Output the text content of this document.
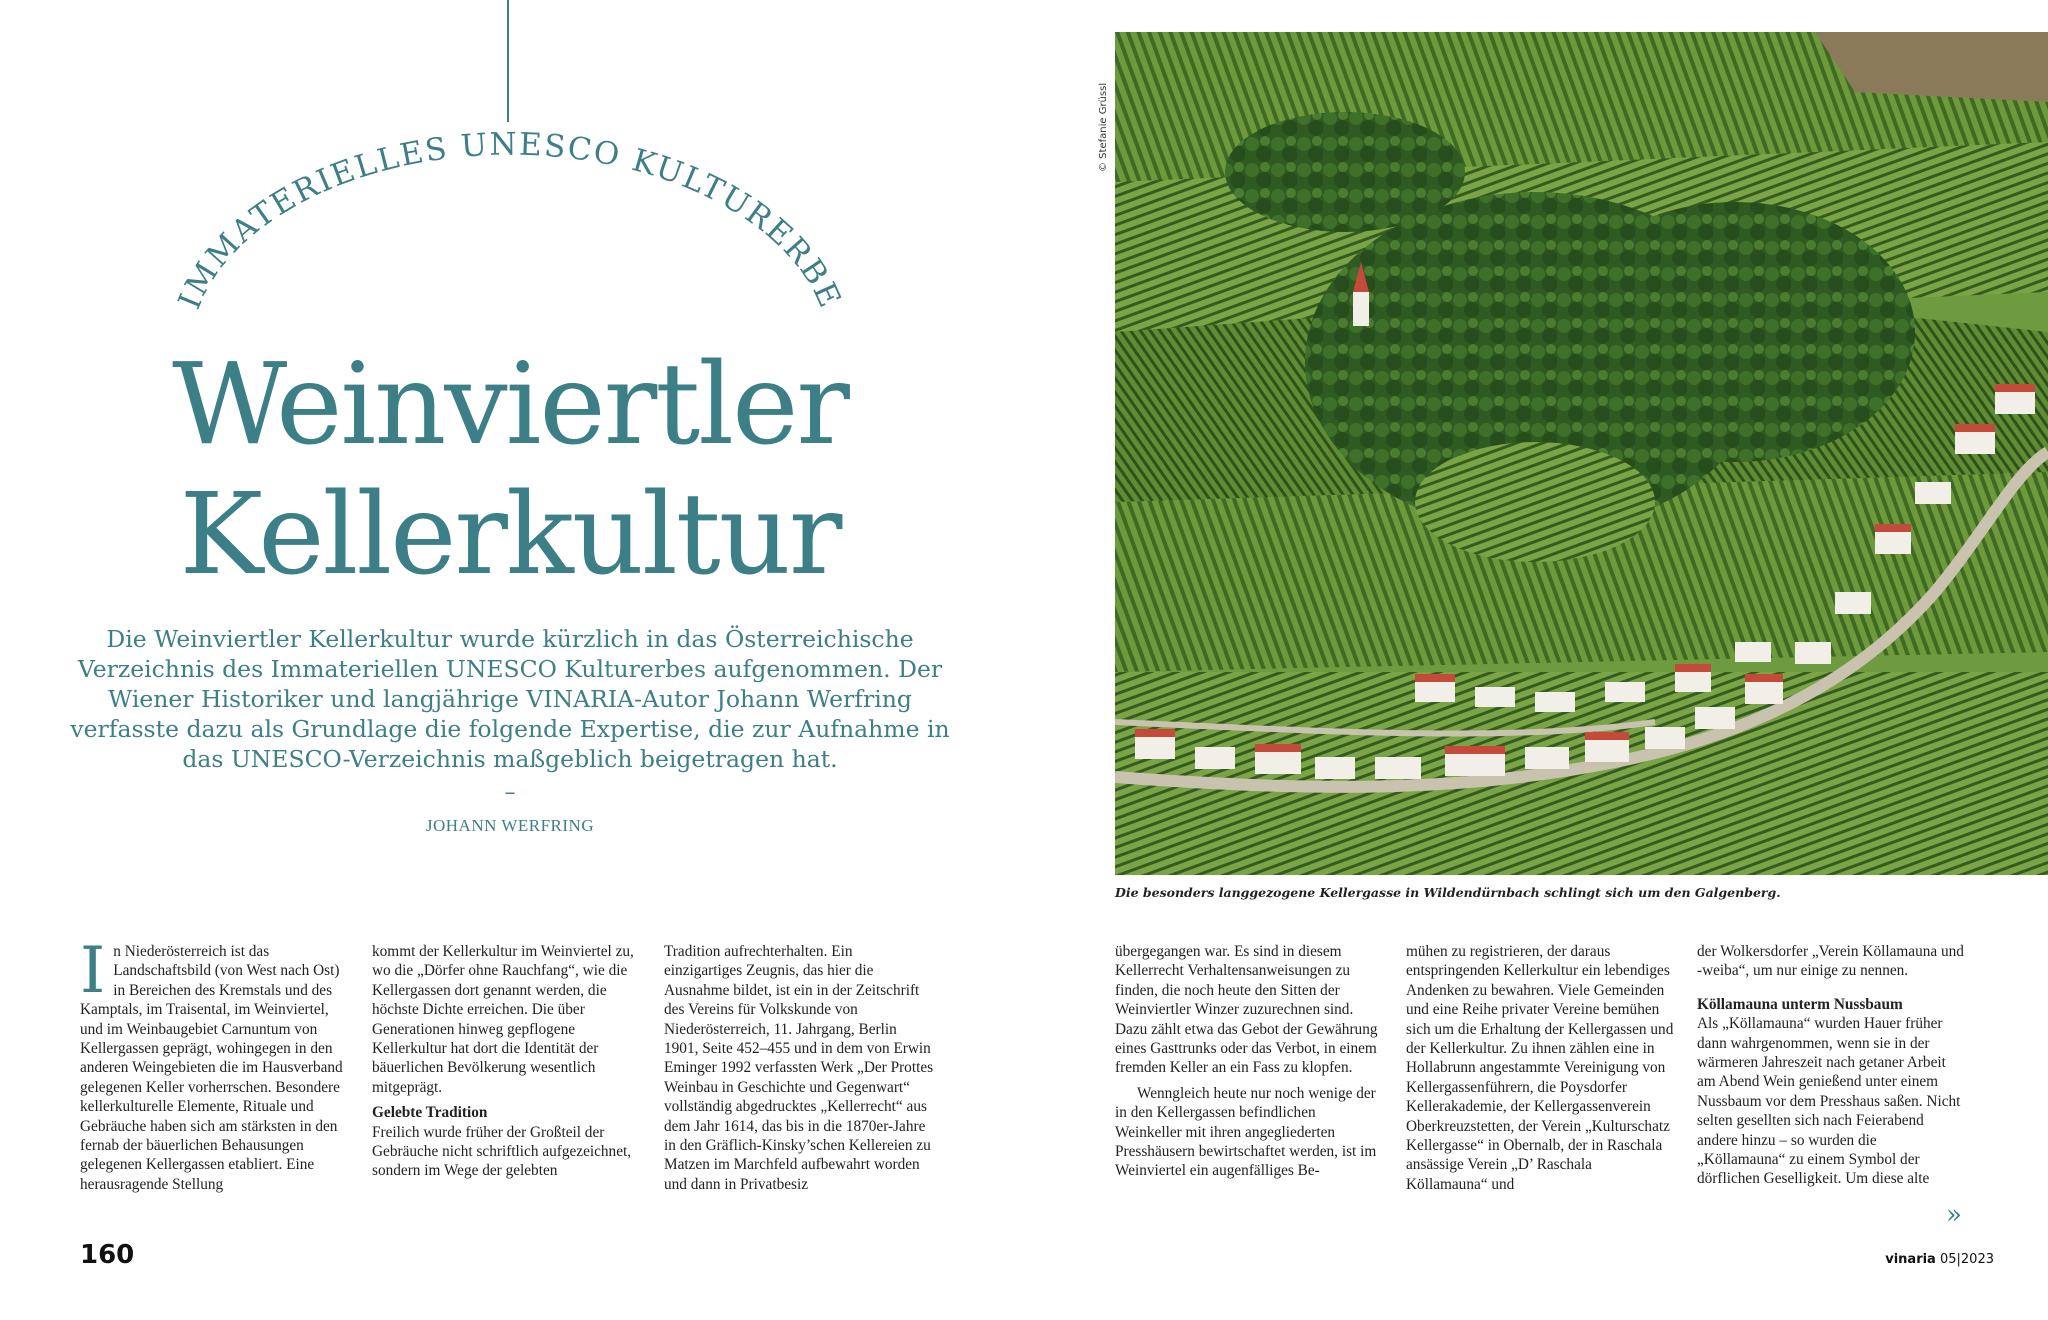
IMMATERIELLES UNESCO KULTURERBE
Weinviertler
Kellerkultur
Die Weinviertler Kellerkultur wurde kürzlich in das Österreichische Verzeichnis des Immateriellen UNESCO Kulturerbes aufgenommen. Der Wiener Historiker und langjährige VINARIA-Autor Johann Werfring verfasste dazu als Grundlage die folgende Expertise, die zur Aufnahme in das UNESCO-Verzeichnis maßgeblich beigetragen hat.
–
JOHANN WERFRING
I n Niederösterreich ist das Landschaftsbild (von West nach Ost) in Bereichen des Kremstals und des Kamptals, im Traisental, im Weinviertel, und im Weinbaugebiet Carnuntum von Kellergassen geprägt, wohingegen in den anderen Weingebieten die im Hausverband gelegenen Keller vorherrschen. Besondere kellerkulturelle Elemente, Rituale und Gebräuche haben sich am stärksten in den fernab der bäuerlichen Behausungen gelegenen Kellergassen etabliert. Eine herausragende Stellung

kommt der Kellerkultur im Weinviertel zu, wo die „Dörfer ohne Rauchfang“, wie die Kellergassen dort genannt werden, die höchste Dichte erreichen. Die über Generationen hinweg gepflogene Kellerkultur hat dort die Identität der bäuerlichen Bevölkerung wesentlich mitgeprägt.

Gelebte Tradition

Freilich wurde früher der Großteil der Gebräuche nicht schriftlich aufgezeichnet, sondern im Wege der gelebten

Tradition aufrechterhalten. Ein einzigartiges Zeugnis, das hier die Ausnahme bildet, ist ein in der Zeitschrift des Vereins für Volkskunde von Niederösterreich, 11. Jahrgang, Berlin 1901, Seite 452–455 und in dem von Erwin Eminger 1992 verfassten Werk „Der Prottes Weinbau in Geschichte und Gegenwart“ vollständig abgedrucktes „Kellerrecht“ aus dem Jahr 1614, das bis in die 1870er-Jahre in den Gräflich-Kinsky’schen Kellereien zu Matzen im Marchfeld aufbewahrt worden und dann in Privatbesiz

übergegangen war. Es sind in diesem Kellerrecht Verhaltensanweisungen zu finden, die noch heute den Sitten der Weinviertler Winzer zuzurechnen sind. Dazu zählt etwa das Gebot der Gewährung eines Gasttrunks oder das Verbot, in einem fremden Keller an ein Fass zu klopfen.

Wenngleich heute nur noch wenige der in den Kellergassen befindlichen Weinkeller mit ihren angegliederten Presshäusern bewirtschaftet werden, ist im Weinviertel ein augenfälliges Be-

mühen zu registrieren, der daraus entspringenden Kellerkultur ein lebendiges Andenken zu bewahren. Viele Gemeinden und eine Reihe privater Vereine bemühen sich um die Erhaltung der Kellergassen und der Kellerkultur. Zu ihnen zählen eine in Hollabrunn angestammte Vereinigung von Kellergassenführern, die Poysdorfer Kellerakademie, der Kellergassenverein Oberkreuzstetten, der Verein „Kulturschatz Kellergasse“ in Obernalb, der in Raschala ansässige Verein „D’ Raschala Köllamauna“ und

der Wolkersdorfer „Verein Köllamauna und -weiba“, um nur einige zu nennen.

Köllamauna unterm Nussbaum

Als „Köllamauna“ wurden Hauer früher dann wahrgenommen, wenn sie in der wärmeren Jahreszeit nach getaner Arbeit am Abend Wein genießend unter einem Nussbaum vor dem Presshaus saßen. Nicht selten gesellten sich nach Feierabend andere hinzu – so wurden die „Köllamauna“ zu einem Symbol der dörflichen Geselligkeit. Um diese alte

© Stefanie Grüssl
Die besonders langgezogene Kellergasse in Wildendürnbach schlingt sich um den Galgenberg.
»
160	vinaria 05|2023
